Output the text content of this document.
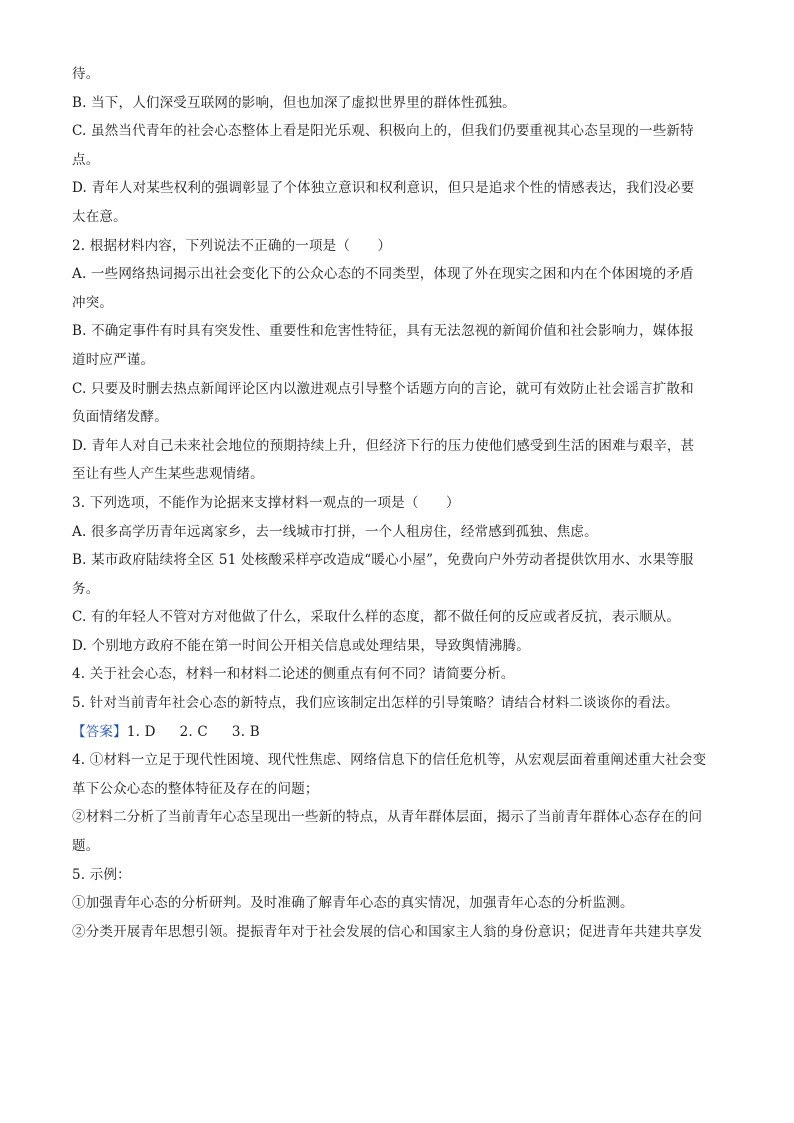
待。
B. 当下，人们深受互联网的影响，但也加深了虚拟世界里的群体性孤独。
C. 虽然当代青年的社会心态整体上看是阳光乐观、积极向上的，但我们仍要重视其心态呈现的一些新特
点。
D. 青年人对某些权利的强调彰显了个体独立意识和权利意识，但只是追求个性的情感表达，我们没必要
太在意。
2. 根据材料内容，下列说法不正确的一项是（　　）
A. 一些网络热词揭示出社会变化下的公众心态的不同类型，体现了外在现实之困和内在个体困境的矛盾
冲突。
B. 不确定事件有时具有突发性、重要性和危害性特征，具有无法忽视的新闻价值和社会影响力，媒体报
道时应严谨。
C. 只要及时删去热点新闻评论区内以激进观点引导整个话题方向的言论，就可有效防止社会谣言扩散和
负面情绪发酵。
D. 青年人对自己未来社会地位的预期持续上升，但经济下行的压力使他们感受到生活的困难与艰辛，甚
至让有些人产生某些悲观情绪。
3. 下列选项，不能作为论据来支撑材料一观点的一项是（　　）
A. 很多高学历青年远离家乡，去一线城市打拼，一个人租房住，经常感到孤独、焦虑。
B. 某市政府陆续将全区 51 处核酸采样亭改造成“暖心小屋”，免费向户外劳动者提供饮用水、水果等服
务。
C. 有的年轻人不管对方对他做了什么，采取什么样的态度，都不做任何的反应或者反抗，表示顺从。
D. 个别地方政府不能在第一时间公开相关信息或处理结果，导致舆情沸腾。
4. 关于社会心态，材料一和材料二论述的侧重点有何不同？请简要分析。
5. 针对当前青年社会心态的新特点，我们应该制定出怎样的引导策略？请结合材料二谈谈你的看法。
【答案】1. D 2. C 3. B
4. ①材料一立足于现代性困境、现代性焦虑、网络信息下的信任危机等，从宏观层面着重阐述重大社会变
革下公众心态的整体特征及存在的问题；
②材料二分析了当前青年心态呈现出一些新的特点，从青年群体层面，揭示了当前青年群体心态存在的问
题。
5. 示例：
①加强青年心态的分析研判。及时准确了解青年心态的真实情况，加强青年心态的分析监测。
②分类开展青年思想引领。提振青年对于社会发展的信心和国家主人翁的身份意识；促进青年共建共享发
